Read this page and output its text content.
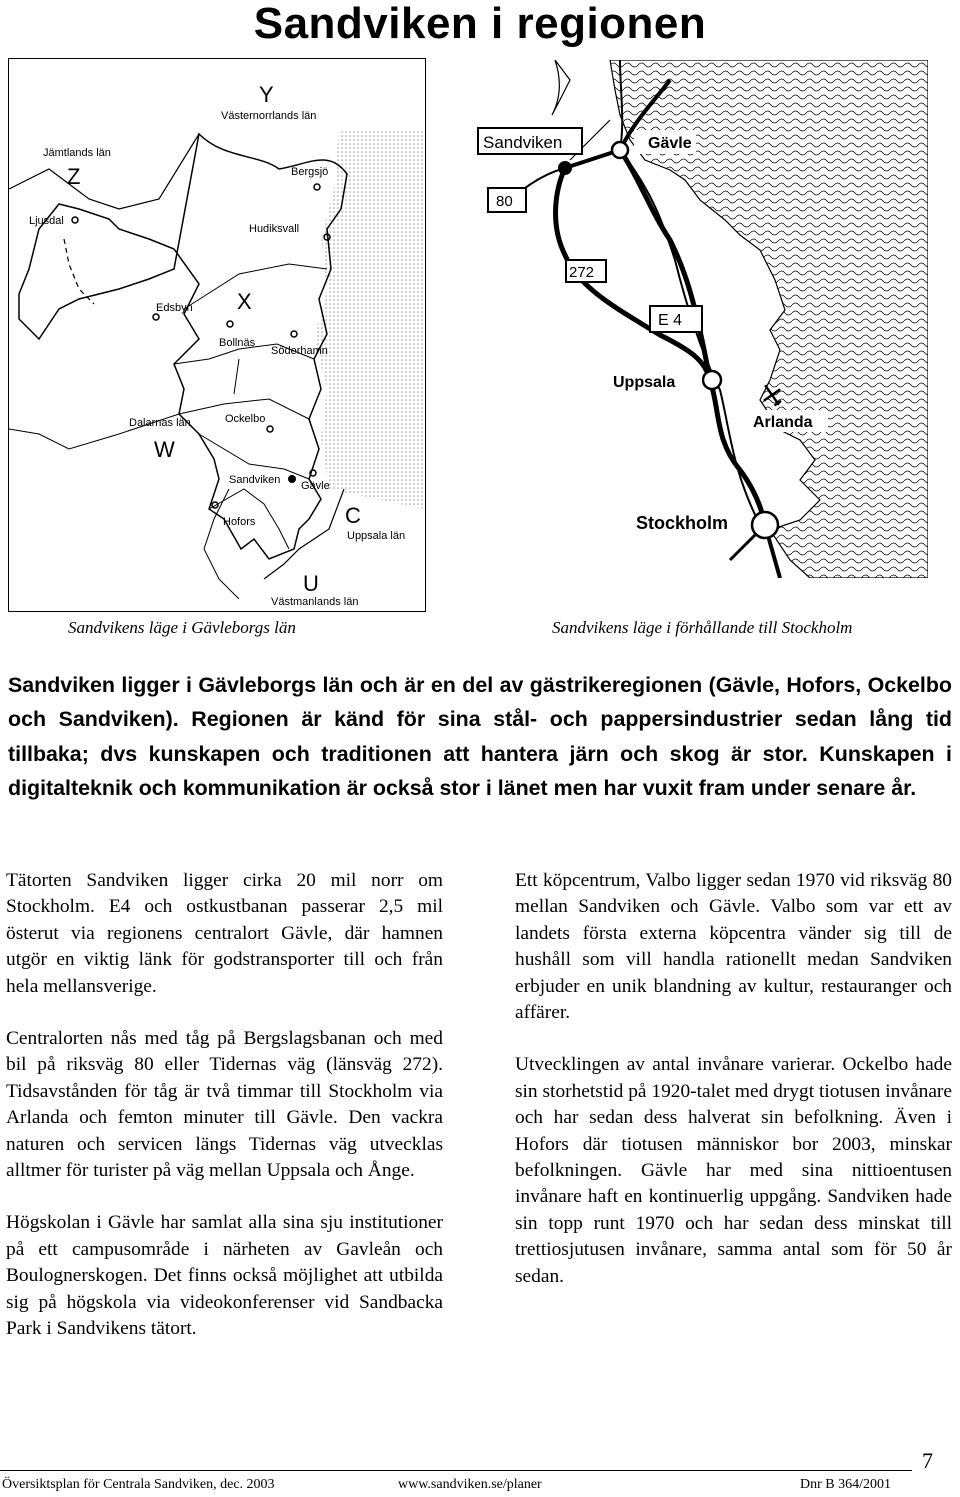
Sandviken i regionen
Y
Västernorrlands län
Jämtlands län
Z	Bergsjö
Ljusdal
Hudiksvall
Edsbyn X
Bollnäs
Söderhamn
Dalarnas län
W
Ockelbo
Sandviken Gävle
Hofors	C
Uppsala län
U
Västmanlands län
Sandviken	Gävle
80
272
E 4
Uppsala
Arlanda
Stockholm
Sandvikens läge i Gävleborgs län	Sandvikens läge i förhållande till Stockholm

Sandviken ligger i Gävleborgs län och är en del av gästrikeregionen (Gävle, Hofors, Ockelbo och Sandviken). Regionen är känd för sina stål- och pappersindustrier sedan lång tid tillbaka; dvs kunskapen och traditionen att hantera järn och skog är stor. Kunskapen i digitalteknik och kommunikation är också stor i länet men har vuxit fram under senare år.

Tätorten Sandviken ligger cirka 20 mil norr om Stockholm. E4 och ostkustbanan passerar 2,5 mil österut via regionens centralort Gävle, där hamnen utgör en viktig länk för godstransporter till och från hela mellansverige.

Centralorten nås med tåg på Bergslagsbanan och med bil på riksväg 80 eller Tidernas väg (länsväg 272). Tidsavstånden för tåg är två timmar till Stockholm via Arlanda och femton minuter till Gävle. Den vackra naturen och servicen längs Tidernas väg utvecklas alltmer för turister på väg mellan Uppsala och Ånge.

Högskolan i Gävle har samlat alla sina sju institutioner på ett campusområde i närheten av Gavleån och Boulognerskogen. Det finns också möjlighet att utbilda sig på högskola via videokonferenser vid Sandbacka Park i Sandvikens tätort.

Ett köpcentrum, Valbo ligger sedan 1970 vid riksväg 80 mellan Sandviken och Gävle. Valbo som var ett av landets första externa köpcentra vänder sig till de hushåll som vill handla rationellt medan Sandviken erbjuder en unik blandning av kultur, restauranger och affärer.

Utvecklingen av antal invånare varierar. Ockelbo hade sin storhetstid på 1920-talet med drygt tiotusen invånare och har sedan dess halverat sin befolkning. Även i Hofors där tiotusen människor bor 2003, minskar befolkningen. Gävle har med sina nittioentusen invånare haft en kontinuerlig uppgång. Sandviken hade sin topp runt 1970 och har sedan dess minskat till trettiosjutusen invånare, samma antal som för 50 år sedan.

7
Översiktsplan för Centrala Sandviken, dec. 2003	www.sandviken.se/planer	Dnr B 364/2001
